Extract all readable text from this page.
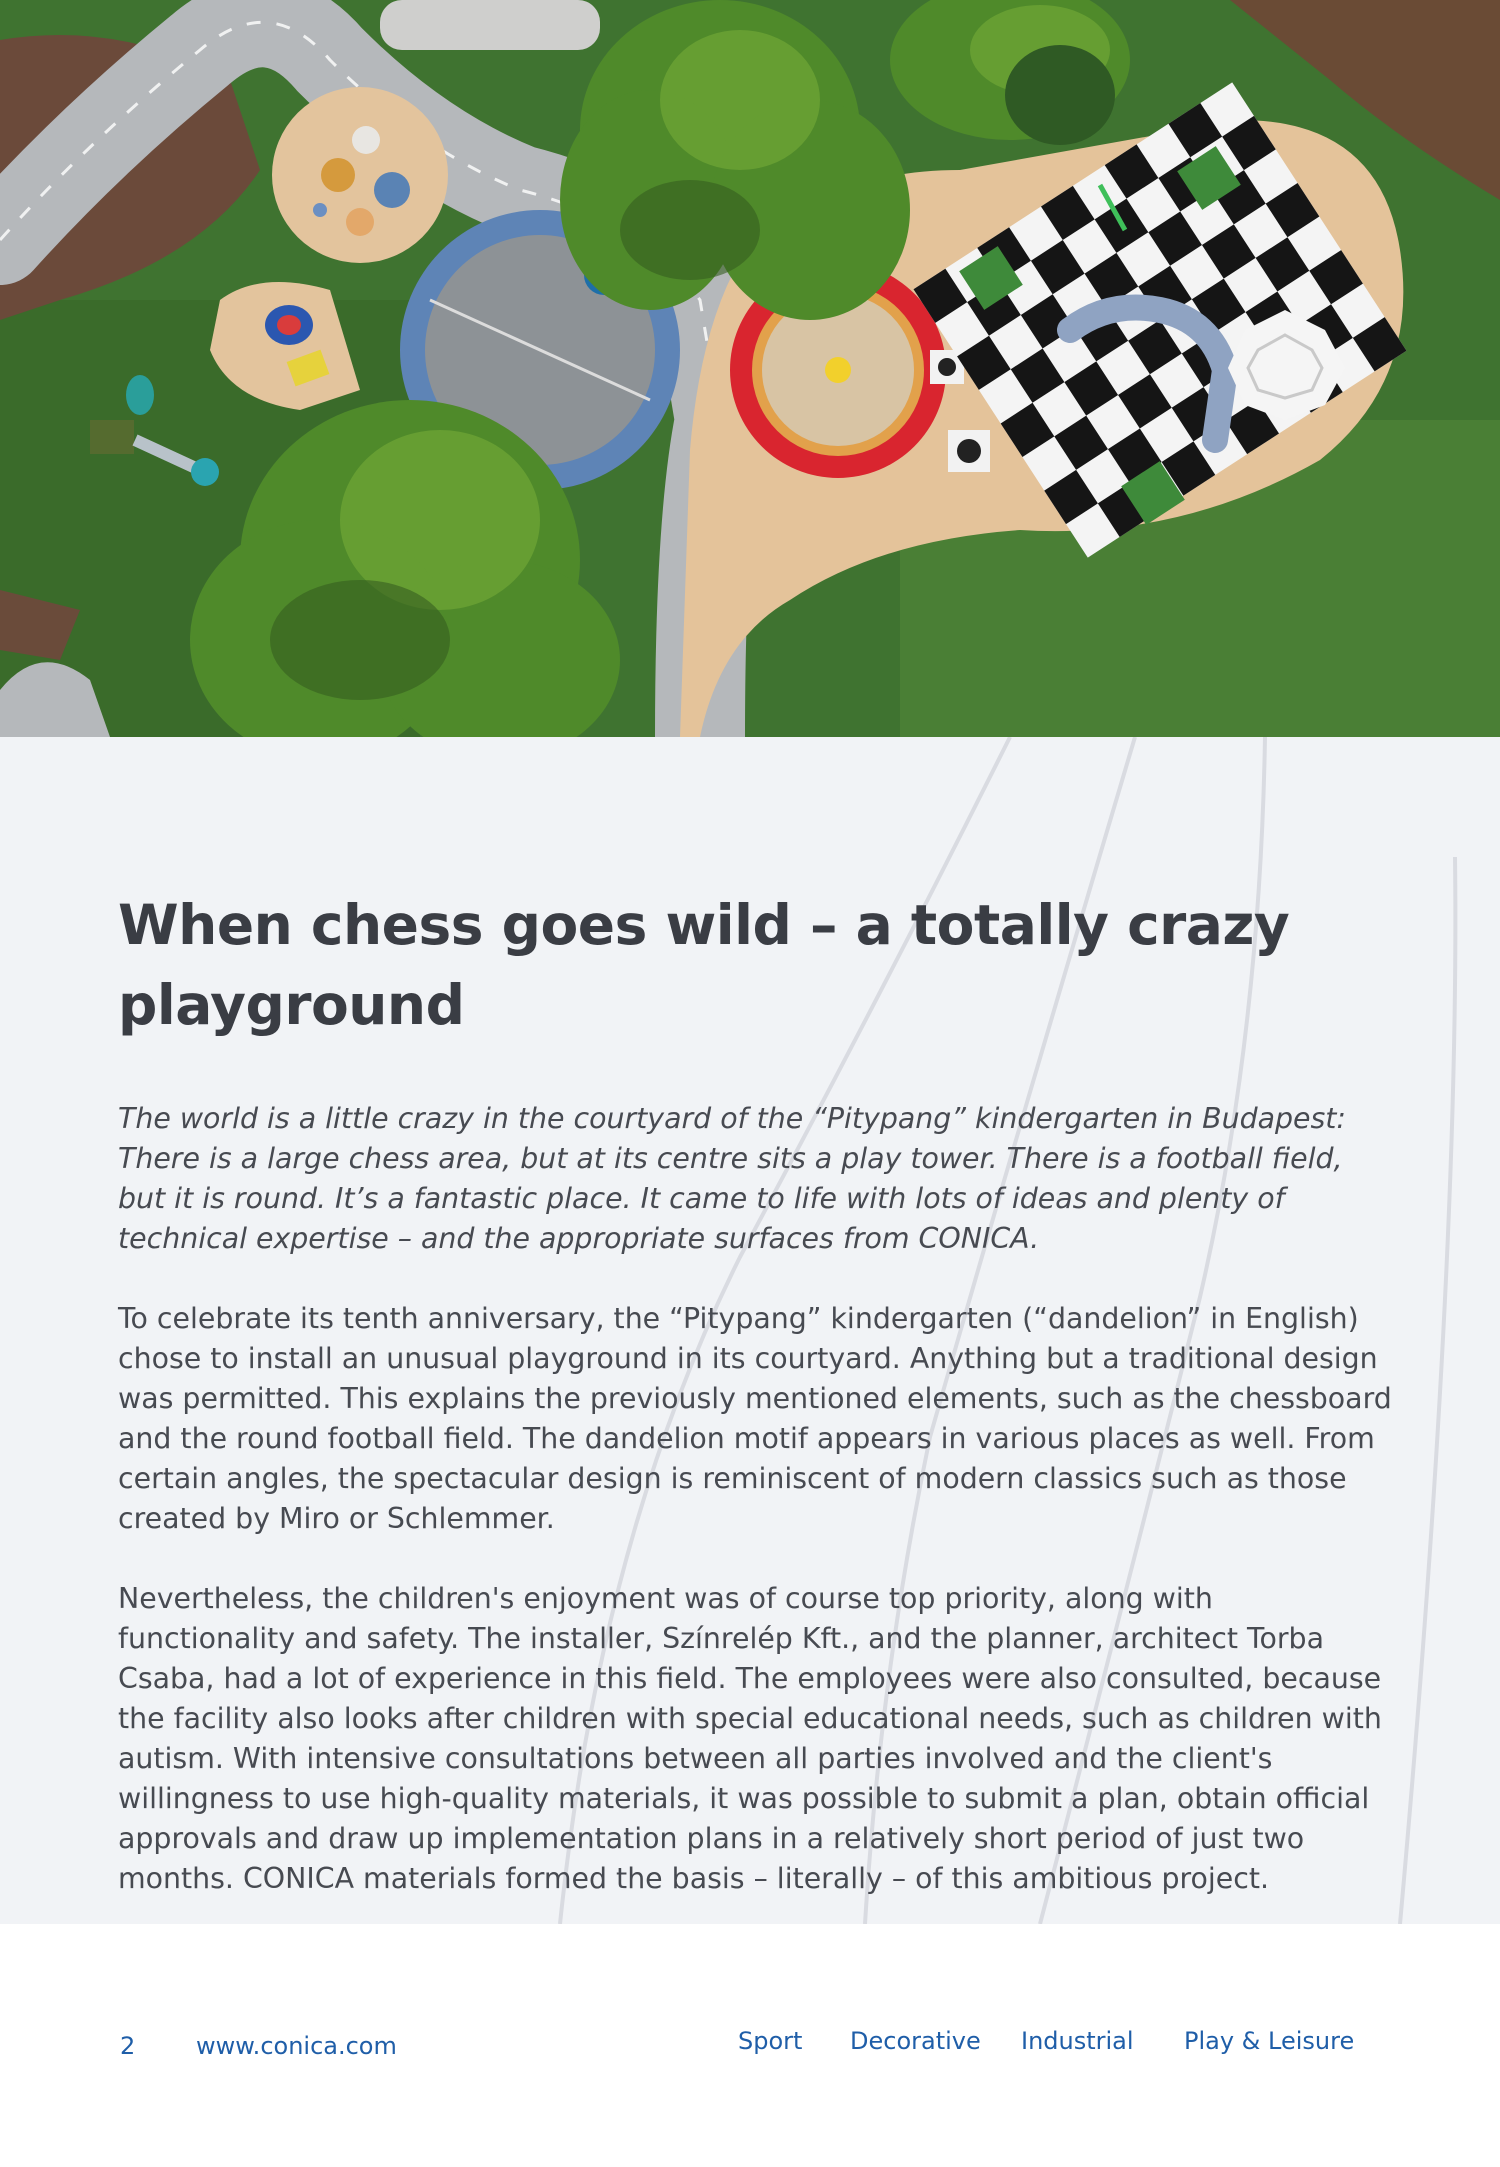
When chess goes wild – a totally crazy playground

The world is a little crazy in the courtyard of the “Pitypang” kindergarten in Budapest: There is a large chess area, but at its centre sits a play tower. There is a football field, but it is round. It’s a fantastic place. It came to life with lots of ideas and plenty of technical expertise – and the appropriate surfaces from CONICA.

To celebrate its tenth anniversary, the “Pitypang” kindergarten (“dandelion” in English) chose to install an unusual playground in its courtyard. Anything but a traditional design was permitted. This explains the previously mentioned elements, such as the chessboard and the round football field. The dandelion motif appears in various places as well. From certain angles, the spectacular design is reminiscent of modern classics such as those created by Miro or Schlemmer.

Nevertheless, the children's enjoyment was of course top priority, along with functionality and safety. The installer, Színrelép Kft., and the planner, architect Torba Csaba, had a lot of experience in this field. The employees were also consulted, because the facility also looks after children with special educational needs, such as children with autism. With intensive consultations between all parties involved and the client's willingness to use high-quality materials, it was possible to submit a plan, obtain official approvals and draw up implementation plans in a relatively short period of just two months. CONICA materials formed the basis – literally – of this ambitious project.

2	www.conica.com	Sport Decorative Industrial Play & Leisure
